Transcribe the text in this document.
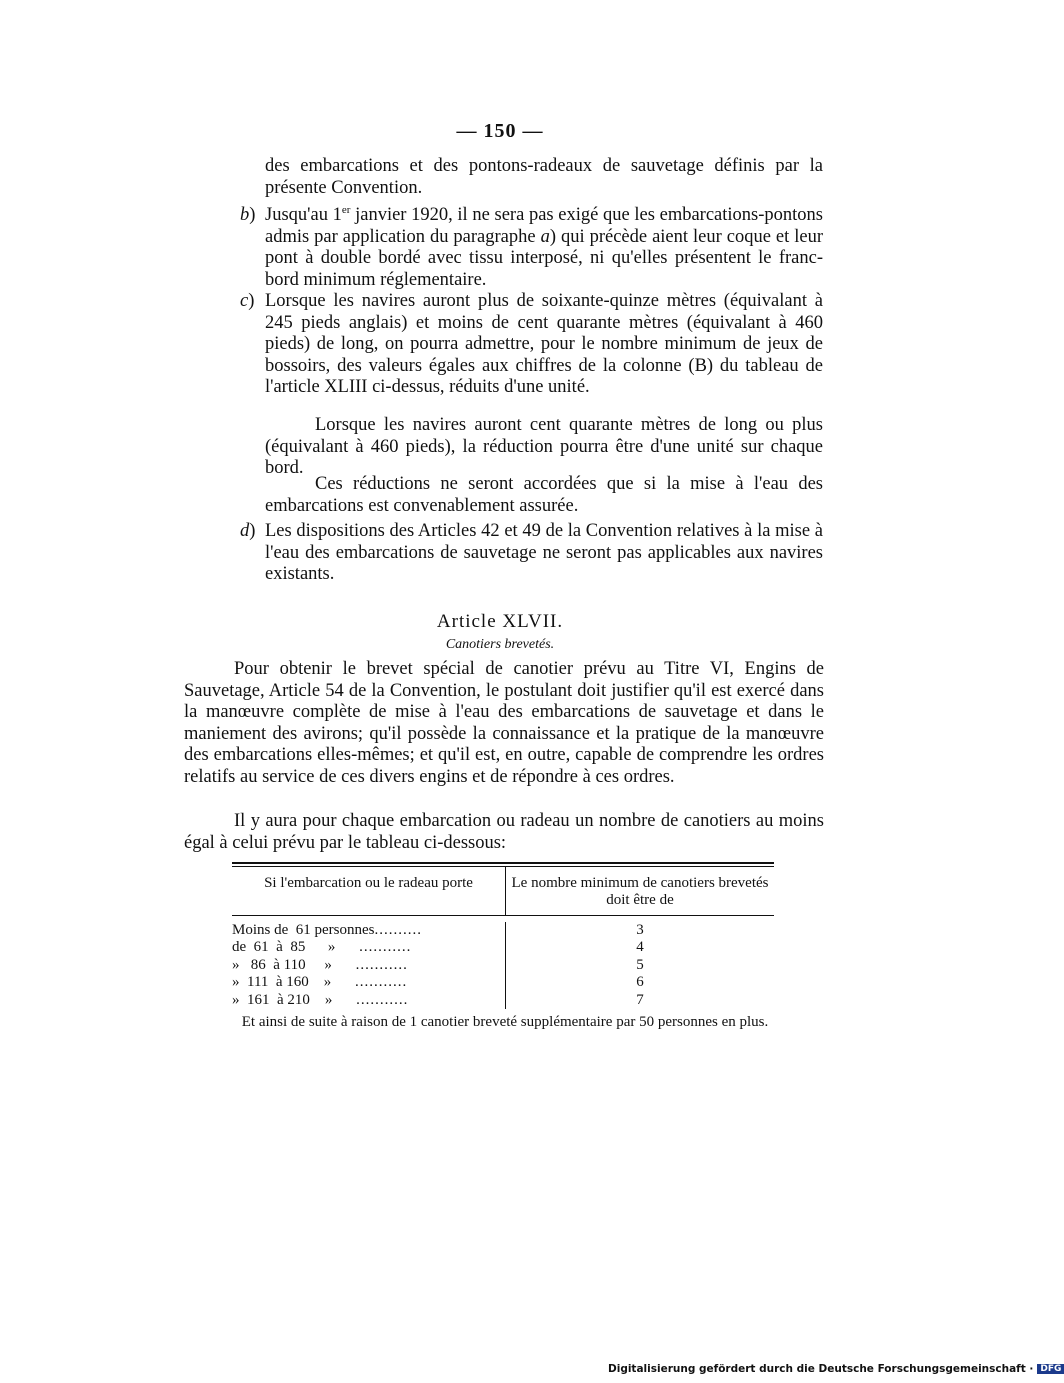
— 150 —
des embarcations et des pontons-radeaux de sauvetage définis par la présente Convention.
b) Jusqu'au 1er janvier 1920, il ne sera pas exigé que les embarcations-pontons admis par application du paragraphe a) qui précède aient leur coque et leur pont à double bordé avec tissu interposé, ni qu'elles présentent le franc-bord minimum réglementaire.
c) Lorsque les navires auront plus de soixante-quinze mètres (équivalant à 245 pieds anglais) et moins de cent quarante mètres (équivalant à 460 pieds) de long, on pourra admettre, pour le nombre minimum de jeux de bossoirs, des valeurs égales aux chiffres de la colonne (B) du tableau de l'article XLIII ci-dessus, réduits d'une unité.
Lorsque les navires auront cent quarante mètres de long ou plus (équivalant à 460 pieds), la réduction pourra être d'une unité sur chaque bord.
Ces réductions ne seront accordées que si la mise à l'eau des embarcations est convenablement assurée.
d) Les dispositions des Articles 42 et 49 de la Convention relatives à la mise à l'eau des embarcations de sauvetage ne seront pas applicables aux navires existants.
Article XLVII.
Canotiers brevetés.
Pour obtenir le brevet spécial de canotier prévu au Titre VI, Engins de Sauvetage, Article 54 de la Convention, le postulant doit justifier qu'il est exercé dans la manœuvre complète de mise à l'eau des embarcations de sauvetage et dans le maniement des avirons; qu'il possède la connaissance et la pratique de la manœuvre des embarcations elles-mêmes; et qu'il est, en outre, capable de comprendre les ordres relatifs au service de ces divers engins et de répondre à ces ordres.
Il y aura pour chaque embarcation ou radeau un nombre de canotiers au moins égal à celui prévu par le tableau ci-dessous:
Si l'embarcation ou le radeau porte	Le nombre minimum de canotiers brevetés doit être de
Moins de  61 personnes..........
de  61  à  85      » ...........
»   86  à 110     » ...........
»  111  à 160    » ...........
»  161  à 210    » ...........
3
4
5
6
7
Et ainsi de suite à raison de 1 canotier breveté supplémentaire par 50 personnes en plus.
Digitalisierung gefördert durch die Deutsche Forschungsgemeinschaft · DFG
